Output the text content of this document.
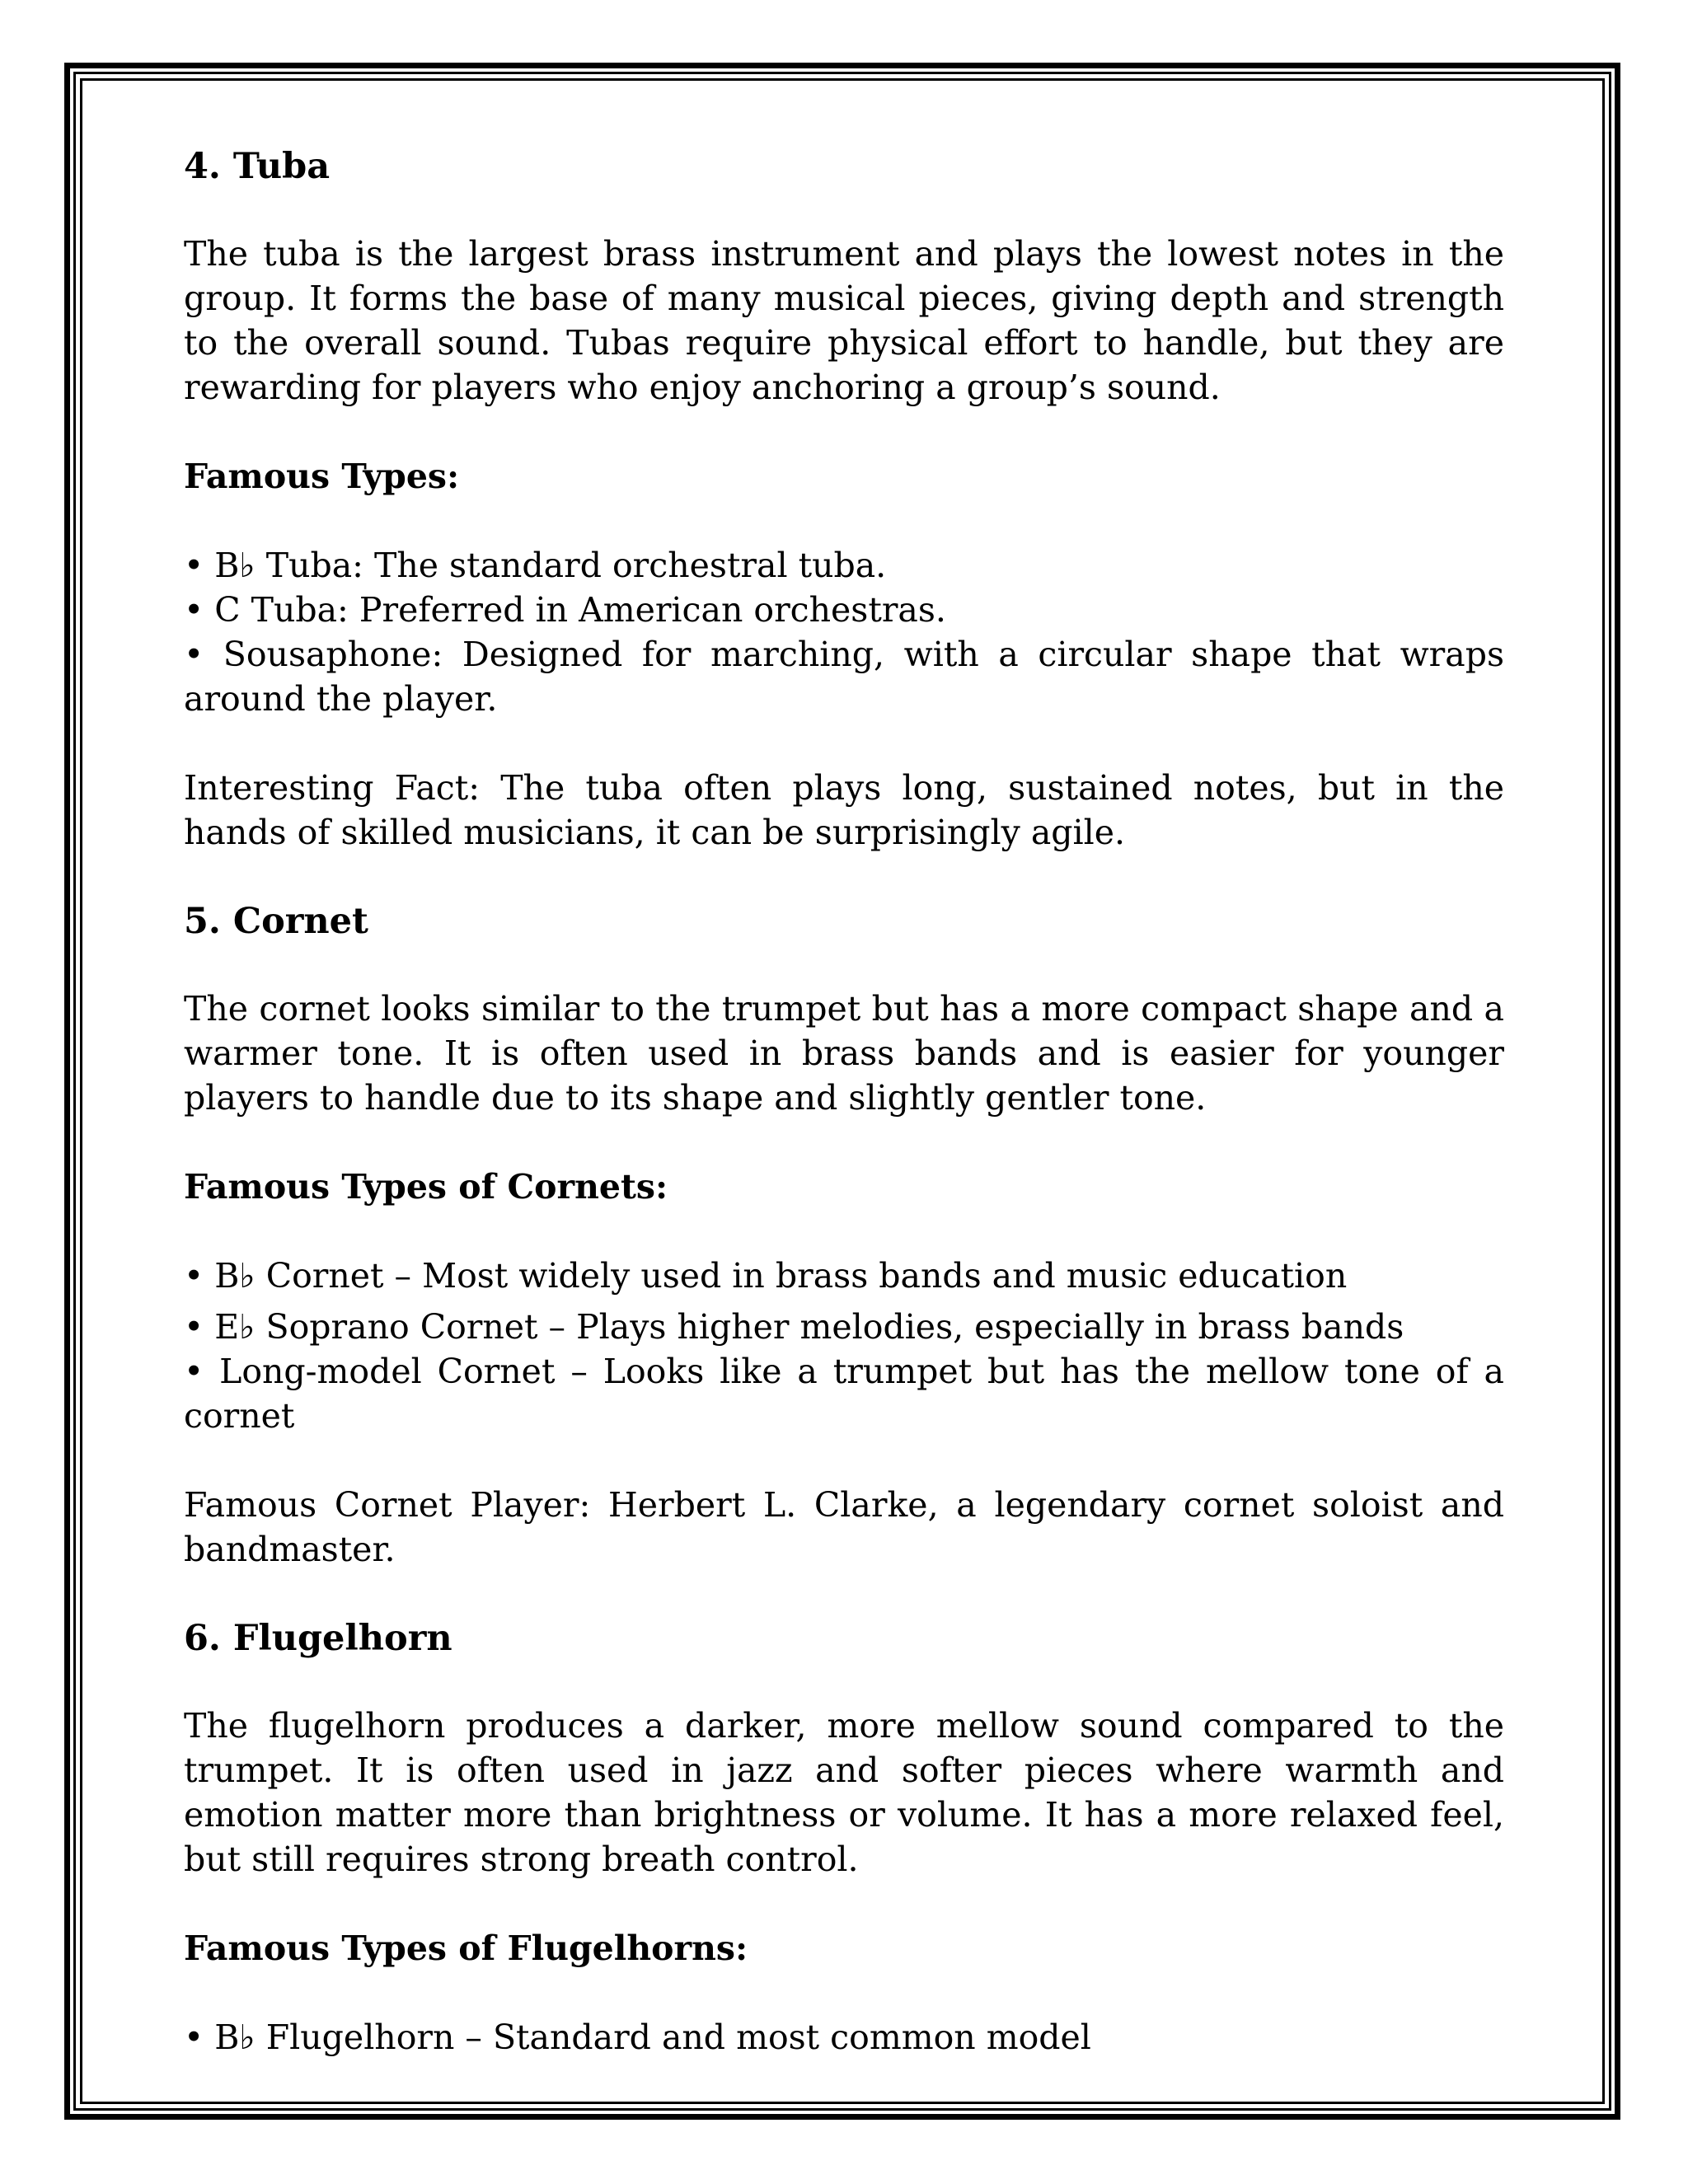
4. Tuba

The tuba is the largest brass instrument and plays the lowest notes in the group. It forms the base of many musical pieces, giving depth and strength to the overall sound. Tubas require physical effort to handle, but they are rewarding for players who enjoy anchoring a group’s sound.

Famous Types:

• B♭ Tuba: The standard orchestral tuba.

• C Tuba: Preferred in American orchestras.

• Sousaphone: Designed for marching, with a circular shape that wraps around the player.

Interesting Fact: The tuba often plays long, sustained notes, but in the hands of skilled musicians, it can be surprisingly agile.

5. Cornet

The cornet looks similar to the trumpet but has a more compact shape and a warmer tone. It is often used in brass bands and is easier for younger players to handle due to its shape and slightly gentler tone.

Famous Types of Cornets:

• B♭ Cornet – Most widely used in brass bands and music education

• E♭ Soprano Cornet – Plays higher melodies, especially in brass bands

• Long-model Cornet – Looks like a trumpet but has the mellow tone of a cornet

Famous Cornet Player: Herbert L. Clarke, a legendary cornet soloist and bandmaster.

6. Flugelhorn

The flugelhorn produces a darker, more mellow sound compared to the trumpet. It is often used in jazz and softer pieces where warmth and emotion matter more than brightness or volume. It has a more relaxed feel, but still requires strong breath control.

Famous Types of Flugelhorns:

• B♭ Flugelhorn – Standard and most common model
